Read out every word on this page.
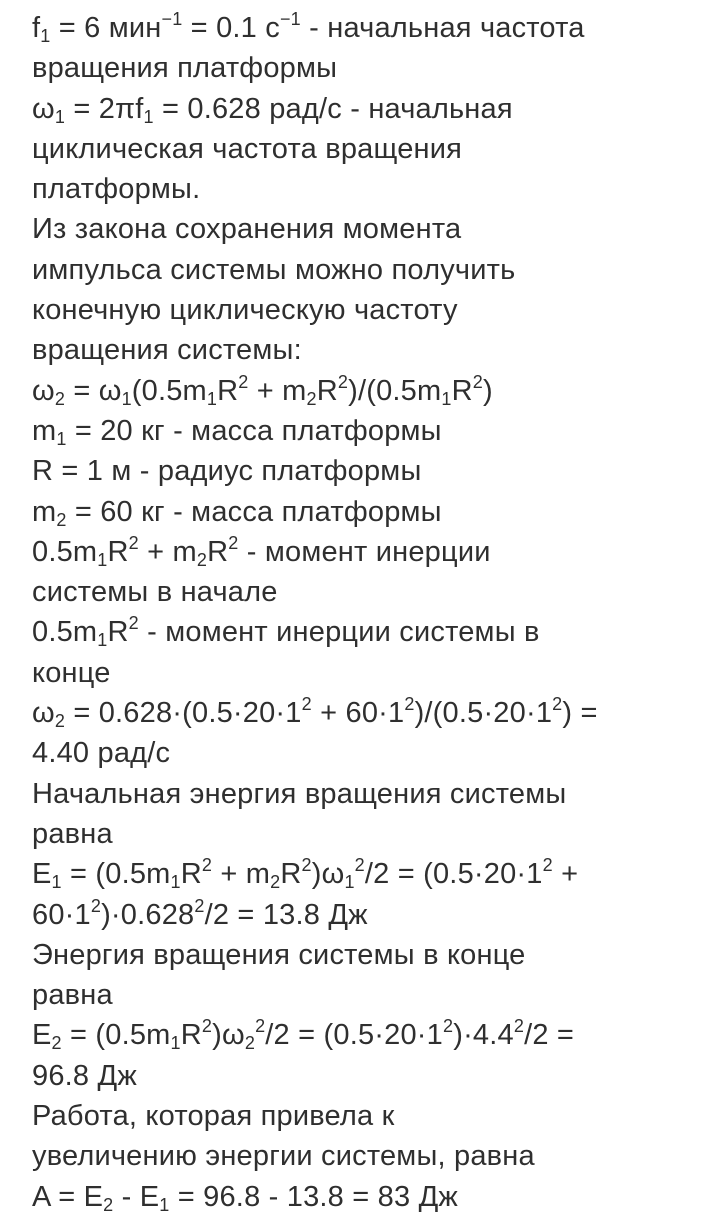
$f_1 = 6$ мин$^{-1}$ = 0.1 $с^{-1}$ - начальная частота
вращения платформы
$\omega_1 = 2\pi f_1 = 0.628$ рад/с - начальная
циклическая частота вращения
платформы.
Из закона сохранения момента
импульса системы можно получить
конечную циклическую частоту
вращения системы:
$\omega_2 = \omega_1(0.5m_1R^2 + m_2R^2)/(0.5m_1R^2)$
$m_1 = 20$ кг - масса платформы
R = 1 м - радиус платформы
$m_2 = 60$ кг - масса платформы
$0.5m_1R^2 + m_2R^2$ - момент инерции
системы в начале
$0.5m_1R^2$ - момент инерции системы в
конце
$\omega_2 = 0.628\cdot(0.5\cdot 20\cdot 1^2 + 60\cdot 1^2)/(0.5\cdot 20\cdot 1^2)$ =
4.40 рад/с
Начальная энергия вращения системы
равна
$E_1 = (0.5m_1R^2 + m_2R^2)\omega_1^2/2 = (0.5\cdot 20\cdot 1^2$ +
$60\cdot 1^2)\cdot 0.628^2/2 = 13.8$ Дж
Энергия вращения системы в конце
равна
$E_2 = (0.5m_1R^2)\omega_2^2/2 = (0.5\cdot 20\cdot 1^2)\cdot 4.4^2/2$ =
96.8 Дж
Работа, которая привела к
увеличению энергии системы, равна
$A = E_2 - E_1 = 96.8 - 13.8 = 83$ Дж
